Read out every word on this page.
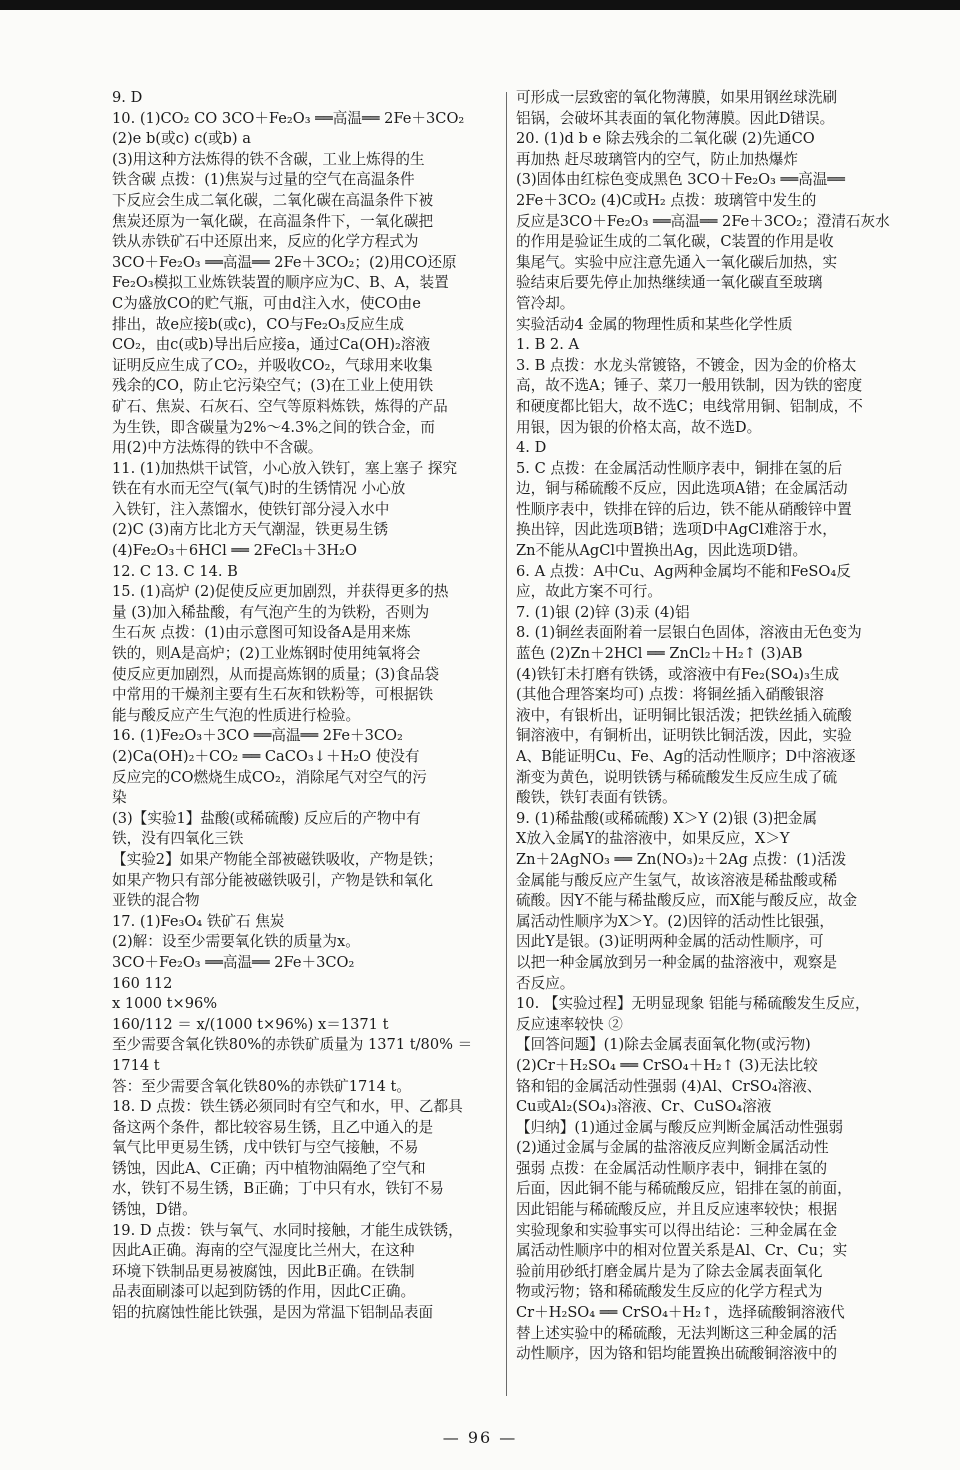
9. D
10. (1)CO₂ CO 3CO＋Fe₂O₃ ══高温══ 2Fe＋3CO₂
(2)e b(或c) c(或b) a
(3)用这种方法炼得的铁不含碳，工业上炼得的生
铁含碳 点拨：(1)焦炭与过量的空气在高温条件
下反应会生成二氧化碳，二氧化碳在高温条件下被
焦炭还原为一氧化碳，在高温条件下，一氧化碳把
铁从赤铁矿石中还原出来，反应的化学方程式为
3CO＋Fe₂O₃ ══高温══ 2Fe＋3CO₂；(2)用CO还原
Fe₂O₃模拟工业炼铁装置的顺序应为C、B、A，装置
C为盛放CO的贮气瓶，可由d注入水，使CO由e
排出，故e应接b(或c)，CO与Fe₂O₃反应生成
CO₂，由c(或b)导出后应接a，通过Ca(OH)₂溶液
证明反应生成了CO₂，并吸收CO₂，气球用来收集
残余的CO，防止它污染空气；(3)在工业上使用铁
矿石、焦炭、石灰石、空气等原料炼铁，炼得的产品
为生铁，即含碳量为2%～4.3%之间的铁合金，而
用(2)中方法炼得的铁中不含碳。
11. (1)加热烘干试管，小心放入铁钉，塞上塞子 探究
铁在有水而无空气(氧气)时的生锈情况 小心放
入铁钉，注入蒸馏水，使铁钉部分浸入水中
(2)C (3)南方比北方天气潮湿，铁更易生锈
(4)Fe₂O₃＋6HCl ══ 2FeCl₃＋3H₂O
12. C 13. C 14. B
15. (1)高炉 (2)促使反应更加剧烈，并获得更多的热
量 (3)加入稀盐酸，有气泡产生的为铁粉，否则为
生石灰 点拨：(1)由示意图可知设备A是用来炼
铁的，则A是高炉；(2)工业炼钢时使用纯氧将会
使反应更加剧烈，从而提高炼钢的质量；(3)食品袋
中常用的干燥剂主要有生石灰和铁粉等，可根据铁
能与酸反应产生气泡的性质进行检验。
16. (1)Fe₂O₃＋3CO ══高温══ 2Fe＋3CO₂
(2)Ca(OH)₂＋CO₂ ══ CaCO₃↓＋H₂O 使没有
反应完的CO燃烧生成CO₂，消除尾气对空气的污
染
(3)【实验1】盐酸(或稀硫酸) 反应后的产物中有
铁，没有四氧化三铁
【实验2】如果产物能全部被磁铁吸收，产物是铁；
如果产物只有部分能被磁铁吸引，产物是铁和氧化
亚铁的混合物
17. (1)Fe₃O₄ 铁矿石 焦炭
(2)解：设至少需要氧化铁的质量为x。
3CO＋Fe₂O₃ ══高温══ 2Fe＋3CO₂
160 112
x 1000 t×96%
160/112 ＝ x/(1000 t×96%) x＝1371 t
至少需要含氧化铁80%的赤铁矿质量为 1371 t/80% ＝
1714 t
答：至少需要含氧化铁80%的赤铁矿1714 t。
18. D 点拨：铁生锈必须同时有空气和水，甲、乙都具
备这两个条件，都比较容易生锈，且乙中通入的是
氧气比甲更易生锈，戊中铁钉与空气接触，不易
锈蚀，因此A、C正确；丙中植物油隔绝了空气和
水，铁钉不易生锈，B正确；丁中只有水，铁钉不易
锈蚀，D错。
19. D 点拨：铁与氧气、水同时接触，才能生成铁锈，
因此A正确。海南的空气湿度比兰州大，在这种
环境下铁制品更易被腐蚀，因此B正确。在铁制
品表面刷漆可以起到防锈的作用，因此C正确。
铝的抗腐蚀性能比铁强，是因为常温下铝制品表面
可形成一层致密的氧化物薄膜，如果用钢丝球洗刷
铝锅，会破坏其表面的氧化物薄膜。因此D错误。
20. (1)d b e 除去残余的二氧化碳 (2)先通CO
再加热 赶尽玻璃管内的空气，防止加热爆炸
(3)固体由红棕色变成黑色 3CO＋Fe₂O₃ ══高温══
2Fe＋3CO₂ (4)C或H₂ 点拨：玻璃管中发生的
反应是3CO＋Fe₂O₃ ══高温══ 2Fe＋3CO₂；澄清石灰水
的作用是验证生成的二氧化碳，C装置的作用是收
集尾气。实验中应注意先通入一氧化碳后加热，实
验结束后要先停止加热继续通一氧化碳直至玻璃
管冷却。
实验活动4 金属的物理性质和某些化学性质
1. B 2. A
3. B 点拨：水龙头常镀铬，不镀金，因为金的价格太
高，故不选A；锤子、菜刀一般用铁制，因为铁的密度
和硬度都比铝大，故不选C；电线常用铜、铝制成，不
用银，因为银的价格太高，故不选D。
4. D
5. C 点拨：在金属活动性顺序表中，铜排在氢的后
边，铜与稀硫酸不反应，因此选项A错；在金属活动
性顺序表中，铁排在锌的后边，铁不能从硝酸锌中置
换出锌，因此选项B错；选项D中AgCl难溶于水，
Zn不能从AgCl中置换出Ag，因此选项D错。
6. A 点拨：A中Cu、Ag两种金属均不能和FeSO₄反
应，故此方案不可行。
7. (1)银 (2)锌 (3)汞 (4)铝
8. (1)铜丝表面附着一层银白色固体，溶液由无色变为
蓝色 (2)Zn＋2HCl ══ ZnCl₂＋H₂↑ (3)AB
(4)铁钉未打磨有铁锈，或溶液中有Fe₂(SO₄)₃生成
(其他合理答案均可) 点拨：将铜丝插入硝酸银溶
液中，有银析出，证明铜比银活泼；把铁丝插入硫酸
铜溶液中，有铜析出，证明铁比铜活泼，因此，实验
A、B能证明Cu、Fe、Ag的活动性顺序；D中溶液逐
渐变为黄色，说明铁锈与稀硫酸发生反应生成了硫
酸铁，铁钉表面有铁锈。
9. (1)稀盐酸(或稀硫酸) X＞Y (2)银 (3)把金属
X放入金属Y的盐溶液中，如果反应，X＞Y
Zn＋2AgNO₃ ══ Zn(NO₃)₂＋2Ag 点拨：(1)活泼
金属能与酸反应产生氢气，故该溶液是稀盐酸或稀
硫酸。因Y不能与稀盐酸反应，而X能与酸反应，故金
属活动性顺序为X＞Y。(2)因锌的活动性比银强，
因此Y是银。(3)证明两种金属的活动性顺序，可
以把一种金属放到另一种金属的盐溶液中，观察是
否反应。
10. 【实验过程】无明显现象 铝能与稀硫酸发生反应，
反应速率较快 ②
【回答问题】(1)除去金属表面氧化物(或污物)
(2)Cr＋H₂SO₄ ══ CrSO₄＋H₂↑ (3)无法比较
铬和铝的金属活动性强弱 (4)Al、CrSO₄溶液、
Cu或Al₂(SO₄)₃溶液、Cr、CuSO₄溶液
【归纳】(1)通过金属与酸反应判断金属活动性强弱
(2)通过金属与金属的盐溶液反应判断金属活动性
强弱 点拨：在金属活动性顺序表中，铜排在氢的
后面，因此铜不能与稀硫酸反应，铝排在氢的前面，
因此铝能与稀硫酸反应，并且反应速率较快；根据
实验现象和实验事实可以得出结论：三种金属在金
属活动性顺序中的相对位置关系是Al、Cr、Cu；实
验前用砂纸打磨金属片是为了除去金属表面氧化
物或污物；铬和稀硫酸发生反应的化学方程式为
Cr＋H₂SO₄ ══ CrSO₄＋H₂↑，选择硫酸铜溶液代
替上述实验中的稀硫酸，无法判断这三种金属的活
动性顺序，因为铬和铝均能置换出硫酸铜溶液中的
— 96 —
